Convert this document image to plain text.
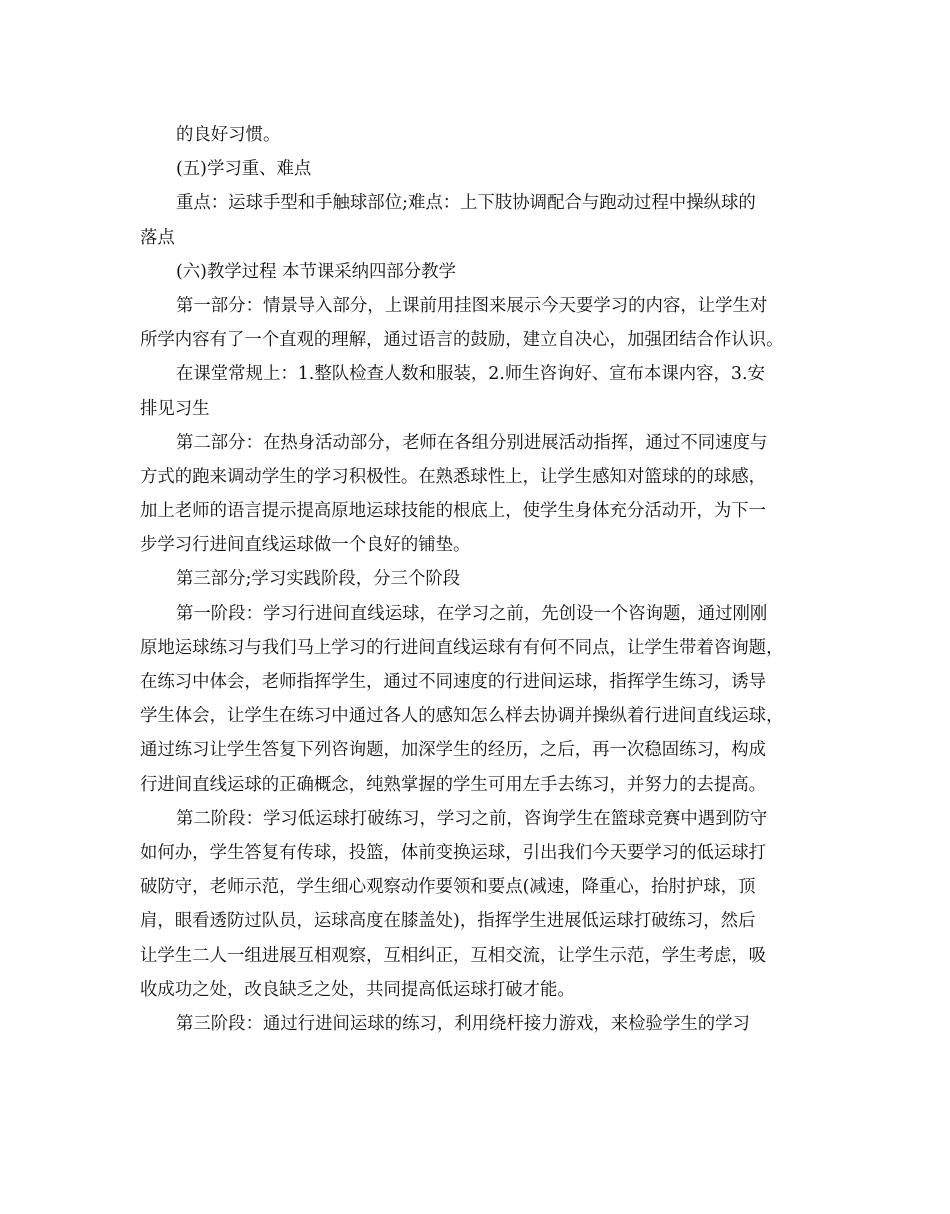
的良好习惯。
(五)学习重、难点
重点：运球手型和手触球部位;难点：上下肢协调配合与跑动过程中操纵球的
落点
(六)教学过程 本节课采纳四部分教学
第一部分：情景导入部分，上课前用挂图来展示今天要学习的内容，让学生对
所学内容有了一个直观的理解，通过语言的鼓励，建立自决心，加强团结合作认识。
在课堂常规上：1.整队检查人数和服装，2.师生咨询好、宣布本课内容，3.安
排见习生
第二部分：在热身活动部分，老师在各组分别进展活动指挥，通过不同速度与
方式的跑来调动学生的学习积极性。在熟悉球性上，让学生感知对篮球的的球感，
加上老师的语言提示提高原地运球技能的根底上，使学生身体充分活动开，为下一
步学习行进间直线运球做一个良好的铺垫。
第三部分;学习实践阶段，分三个阶段
第一阶段：学习行进间直线运球，在学习之前，先创设一个咨询题，通过刚刚
原地运球练习与我们马上学习的行进间直线运球有有何不同点，让学生带着咨询题，
在练习中体会，老师指挥学生，通过不同速度的行进间运球，指挥学生练习，诱导
学生体会，让学生在练习中通过各人的感知怎么样去协调并操纵着行进间直线运球，
通过练习让学生答复下列咨询题，加深学生的经历，之后，再一次稳固练习，构成
行进间直线运球的正确概念，纯熟掌握的学生可用左手去练习，并努力的去提高。
第二阶段：学习低运球打破练习，学习之前，咨询学生在篮球竞赛中遇到防守
如何办，学生答复有传球，投篮，体前变换运球，引出我们今天要学习的低运球打
破防守，老师示范，学生细心观察动作要领和要点(减速，降重心，抬肘护球，顶
肩，眼看透防过队员，运球高度在膝盖处)，指挥学生进展低运球打破练习，然后
让学生二人一组进展互相观察，互相纠正，互相交流，让学生示范，学生考虑，吸
收成功之处，改良缺乏之处，共同提高低运球打破才能。
第三阶段：通过行进间运球的练习，利用绕杆接力游戏，来检验学生的学习
